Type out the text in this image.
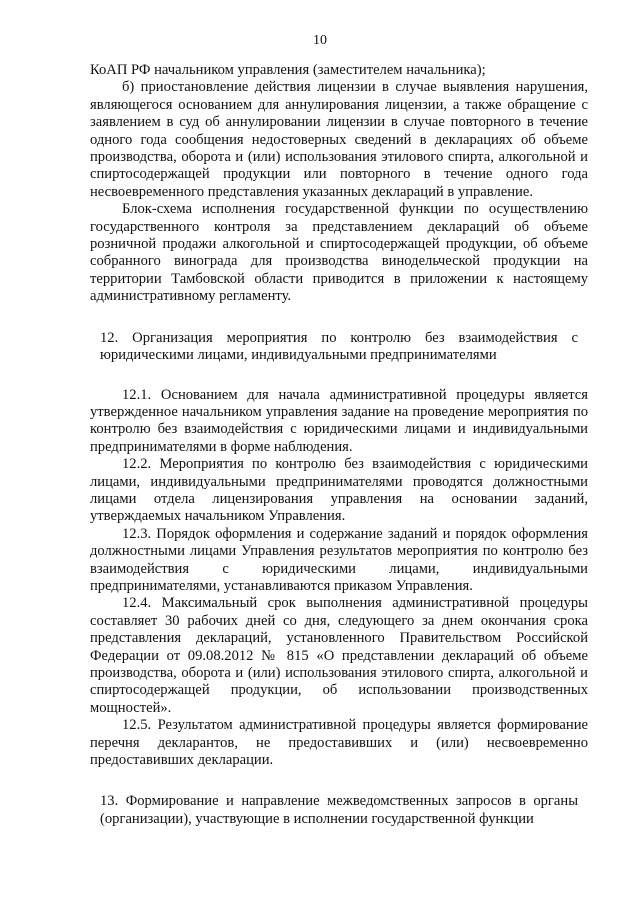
10

КоАП РФ начальником управления (заместителем начальника);

б) приостановление действия лицензии в случае выявления нарушения, являющегося основанием для аннулирования лицензии, а также обращение с заявлением в суд об аннулировании лицензии в случае повторного в течение одного года сообщения недостоверных сведений в декларациях об объеме производства, оборота и (или) использования этилового спирта, алкогольной и спиртосодержащей продукции или повторного в течение одного года несвоевременного представления указанных деклараций в управление.

Блок-схема исполнения государственной функции по осуществлению государственного контроля за представлением деклараций об объеме розничной продажи алкогольной и спиртосодержащей продукции, об объеме собранного винограда для производства винодельческой продукции на территории Тамбовской области приводится в приложении к настоящему административному регламенту.

12. Организация мероприятия по контролю без взаимодействия с юридическими лицами, индивидуальными предпринимателями

12.1. Основанием для начала административной процедуры является утвержденное начальником управления задание на проведение мероприятия по контролю без взаимодействия с юридическими лицами и индивидуальными предпринимателями в форме наблюдения.

12.2. Мероприятия по контролю без взаимодействия с юридическими лицами, индивидуальными предпринимателями проводятся должностными лицами отдела лицензирования управления на основании заданий, утверждаемых начальником Управления.

12.3. Порядок оформления и содержание заданий и порядок оформления должностными лицами Управления результатов мероприятия по контролю без взаимодействия с юридическими лицами, индивидуальными предпринимателями, устанавливаются приказом Управления.

12.4. Максимальный срок выполнения административной процедуры составляет 30 рабочих дней со дня, следующего за днем окончания срока представления деклараций, установленного Правительством Российской Федерации от 09.08.2012 № 815 «О представлении деклараций об объеме производства, оборота и (или) использования этилового спирта, алкогольной и спиртосодержащей продукции, об использовании производственных мощностей».

12.5. Результатом административной процедуры является формирование перечня декларантов, не предоставивших и (или) несвоевременно предоставивших декларации.

13. Формирование и направление межведомственных запросов в органы (организации), участвующие в исполнении государственной функции
